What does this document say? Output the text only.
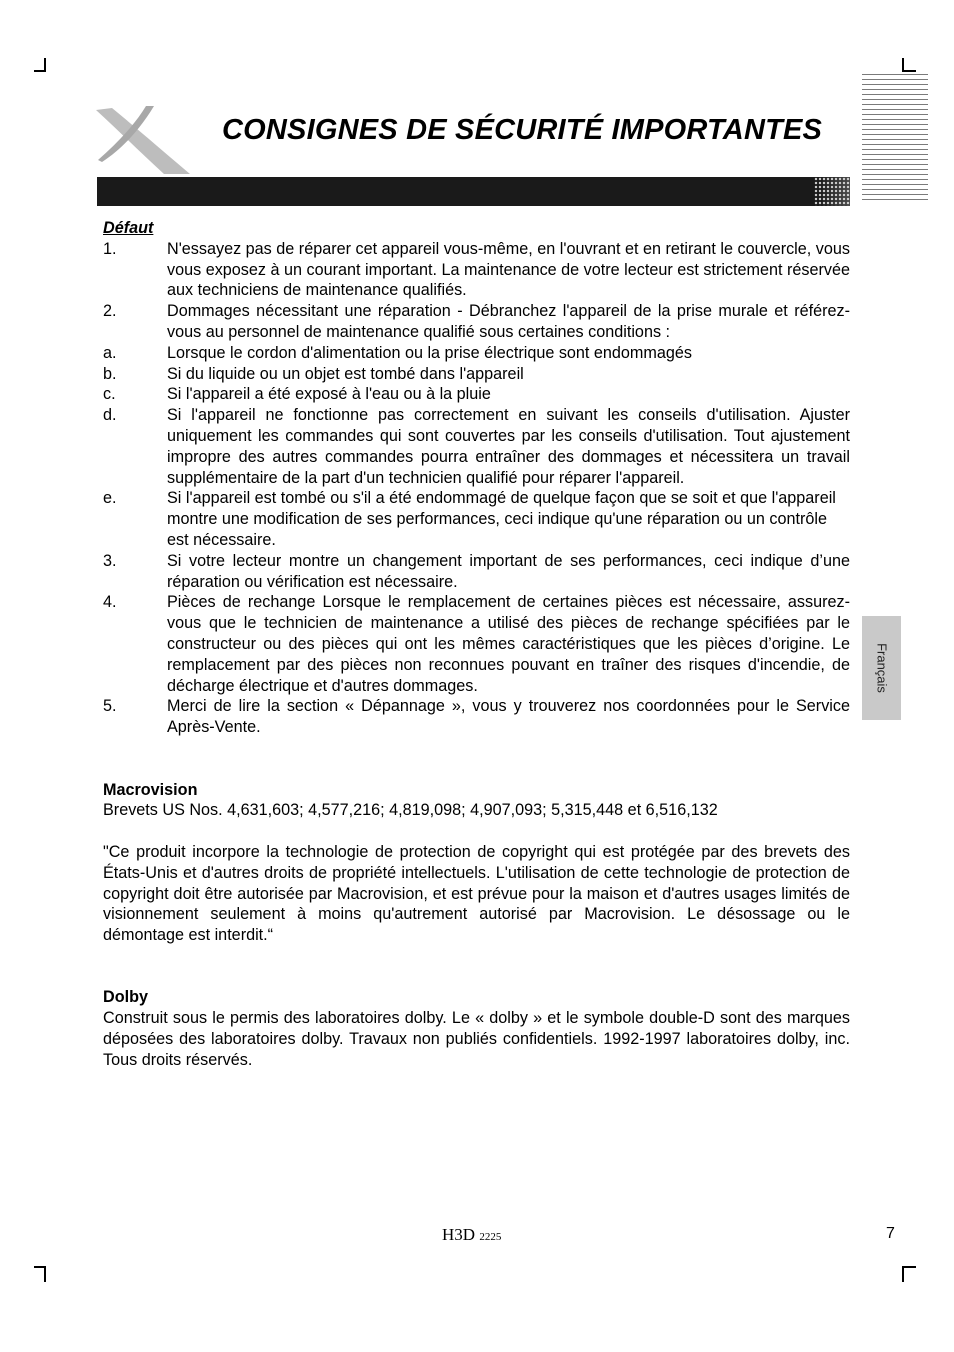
CONSIGNES DE SÉCURITÉ IMPORTANTES
Français
Défaut
1.	N'essayez pas de réparer cet appareil vous-même, en l'ouvrant et en retirant le couvercle, vous vous exposez à un courant important. La maintenance de votre lecteur est strictement réservée aux techniciens de maintenance qualifiés.
2.	Dommages nécessitant une réparation - Débranchez l'appareil de la prise murale et référez-vous au personnel de maintenance qualifié sous certaines conditions :
a.	Lorsque le cordon d'alimentation ou la prise électrique sont endommagés
b.	Si du liquide ou un objet est tombé dans l'appareil
c.	Si l'appareil a été exposé à l'eau ou à la pluie
d.	Si l'appareil ne fonctionne pas correctement en suivant les conseils d'utilisation. Ajuster uniquement les commandes qui sont couvertes par les conseils d'utilisation. Tout ajustement impropre des autres commandes pourra entraîner des dommages et nécessitera un travail supplémentaire de la part d'un technicien qualifié pour réparer l'appareil.
e.	Si l'appareil est tombé ou s'il a été endommagé de quelque façon que se soit et que l'appareil montre une modification de ses performances, ceci indique qu'une réparation ou un contrôle est nécessaire.
3.	Si votre lecteur montre un changement important de ses performances, ceci indique d’une réparation ou vérification est nécessaire.
4.	Pièces de rechange Lorsque le remplacement de certaines pièces est nécessaire, assurez-vous que le technicien de maintenance a utilisé des pièces de rechange spécifiées par le constructeur ou des pièces qui ont les mêmes caractéristiques que les pièces d’origine. Le remplacement par des pièces non reconnues pouvant en traîner des risques d'incendie, de décharge électrique et d'autres dommages.
5.	Merci de lire la section « Dépannage », vous y trouverez nos coordonnées pour le Service Après-Vente.
Macrovision
Brevets US Nos. 4,631,603; 4,577,216; 4,819,098; 4,907,093; 5,315,448 et 6,516,132
"Ce produit incorpore la technologie de protection de copyright qui est protégée par des brevets des États-Unis et d'autres droits de propriété intellectuels. L'utilisation de cette technologie de protection de copyright doit être autorisée par Macrovision, et est prévue pour la maison et d'autres usages limités de visionnement seulement à moins qu'autrement autorisé par Macrovision. Le désossage ou le démontage est interdit.“
Dolby
Construit sous le permis des laboratoires dolby. Le « dolby » et le symbole double-D sont des marques déposées des laboratoires dolby. Travaux non publiés confidentiels. 1992-1997 laboratoires dolby, inc. Tous droits réservés.
H3D 2225	7
